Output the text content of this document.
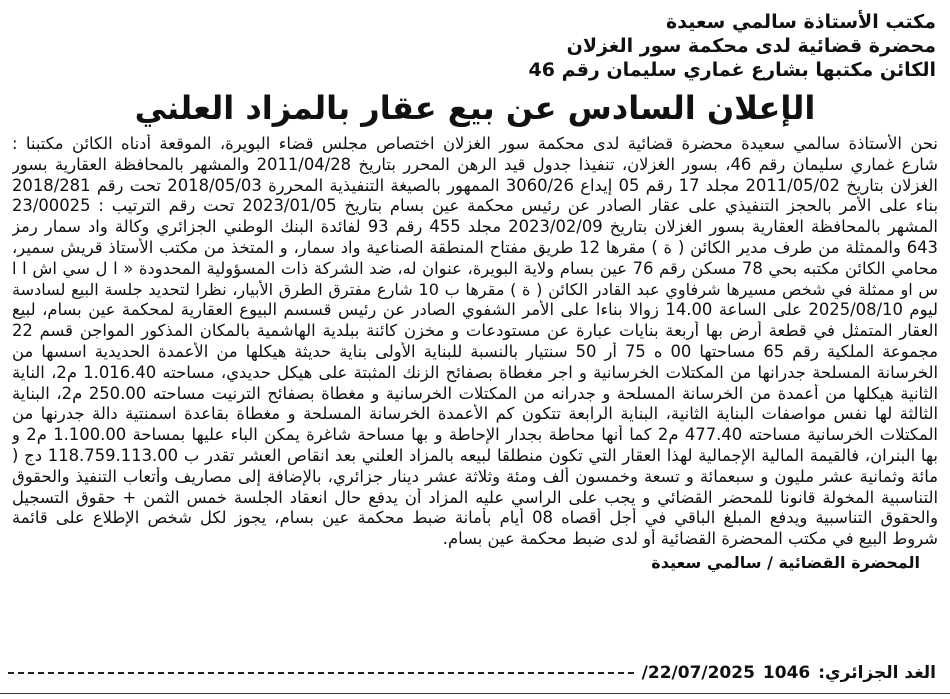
مكتب الأستاذة سالمي سعيدة
محضرة قضائية لدى محكمة سور الغزلان
الكائن مكتبها بشارع غماري سليمان رقم 46
الإعلان السادس عن بيع عقار بالمزاد العلني
نحن الأستاذة سالمي سعيدة محضرة قضائية لدى محكمة سور الغزلان اختصاص مجلس قضاء البويرة، الموقعة أدناه الكائن مكتبنا :
شارع غماري سليمان رقم 46، بسور الغزلان، تنفيذا جدول قيد الرهن المحرر بتاريخ 2011/04/28 والمشهر بالمحافظة العقارية بسور
الغزلان بتاريخ 2011/05/02 مجلد 17 رقم 05 إيداع 3060/26 الممهور بالصيغة التنفيذية المحررة 2018/05/03 تحت رقم 2018/281
بناء على الأمر بالحجز التنفيذي على عقار الصادر عن رئيس محكمة عين بسام بتاريخ 2023/01/05 تحت رقم الترتيب : 23/00025
المشهر بالمحافظة العقارية بسور الغزلان بتاريخ 2023/02/09 مجلد 455 رقم 93 لفائدة البنك الوطني الجزائري وكالة واد سمار رمز
643 والممثلة من طرف مدير الكائن ( ة ) مقرها 12 طريق مفتاح المنطقة الصناعية واد سمار، و المتخذ من مكتب الأستاذ قريش سمير،
محامي الكائن مكتبه بحي 78 مسكن رقم 76 عين بسام ولاية البويرة، عنوان له، ضد الشركة ذات المسؤولية المحدودة « ا ل سي اش ا ا
س او ممثلة في شخص مسيرها شرفاوي عبد القادر الكائن ( ة ) مقرها ب 10 شارع مفترق الطرق الأبيار، نظرا لتحديد جلسة البيع لسادسة
ليوم 2025/08/10 على الساعة 14.00 زوالا بناءا على الأمر الشفوي الصادر عن رئيس قسسم البيوع العقارية لمحكمة عين بسام، لبيع
العقار المتمثل في قطعة أرض بها أربعة بنايات عبارة عن مستودعات و مخزن كائنة ببلدية الهاشمية بالمكان المذكور المواجن قسم 22
مجموعة الملكية رقم 65 مساحتها 00 ه 75 أر 50 سنتيار بالنسبة للبناية الأولى بناية حديثة هيكلها من الأعمدة الحديدية اسسها من
الخرسانة المسلحة جدرانها من المكتلات الخرسانية و اجر مغطاة بصفائح الزنك المثبتة على هيكل حديدي، مساحته 1.016.40 م2، الناية
الثانية هيكلها من أعمدة من الخرسانة المسلحة و جدرانه من المكتلات الخرسانية و مغطاة بصفائح الترنيت مساحته 250.00 م2، البناية
الثالثة لها نفس مواصفات البناية الثانية، البناية الرابعة تتكون كم الأعمدة الخرسانة المسلحة و مغطاة بقاعدة اسمنتية دالة جدرنها من
المكتلات الخرسانية مساحته 477.40 م2 كما أنها محاطة بجدار الإحاطة و بها مساحة شاغرة يمكن الباء عليها بمساحة 1.100.00 م2 و
بها البنران، فالقيمة المالية الإجمالية لهذا العقار التي تكون منطلقا لبيعه بالمزاد العلني بعد انقاص العشر تقدر ب 118.759.113.00 دج (
مائة وثمانية عشر مليون و سبعمائة و تسعة وخمسون ألف ومئة وثلاثة عشر دينار جزائري، بالإضافة إلى مصاريف وأتعاب التنفيذ والحقوق
التناسبية المخولة قانونا للمحضر القضائي و يجب على الراسي عليه المزاد أن يدفع حال انعقاد الجلسة خمس الثمن + حقوق التسجيل
والحقوق التناسبية ويدفع المبلغ الباقي في أجل أقصاه 08 أيام بأمانة ضبط محكمة عين بسام، يجوز لكل شخص الإطلاع على قائمة
شروط البيع في مكتب المحضرة القضائية أو لدى ضبط محكمة عين بسام.
المحضرة القضائية / سالمي سعيدة
الغد الجزائري:
1046
22/07/2025/
